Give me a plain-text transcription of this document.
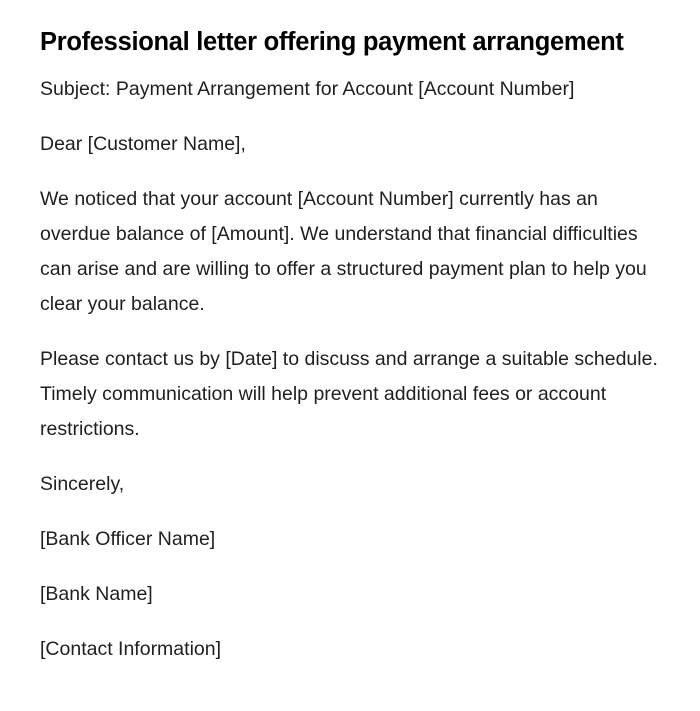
Professional letter offering payment arrangement

Subject: Payment Arrangement for Account [Account Number]

Dear [Customer Name],

We noticed that your account [Account Number] currently has an overdue balance of [Amount]. We understand that financial difficulties can arise and are willing to offer a structured payment plan to help you clear your balance.

Please contact us by [Date] to discuss and arrange a suitable schedule. Timely communication will help prevent additional fees or account restrictions.

Sincerely,

[Bank Officer Name]

[Bank Name]

[Contact Information]
